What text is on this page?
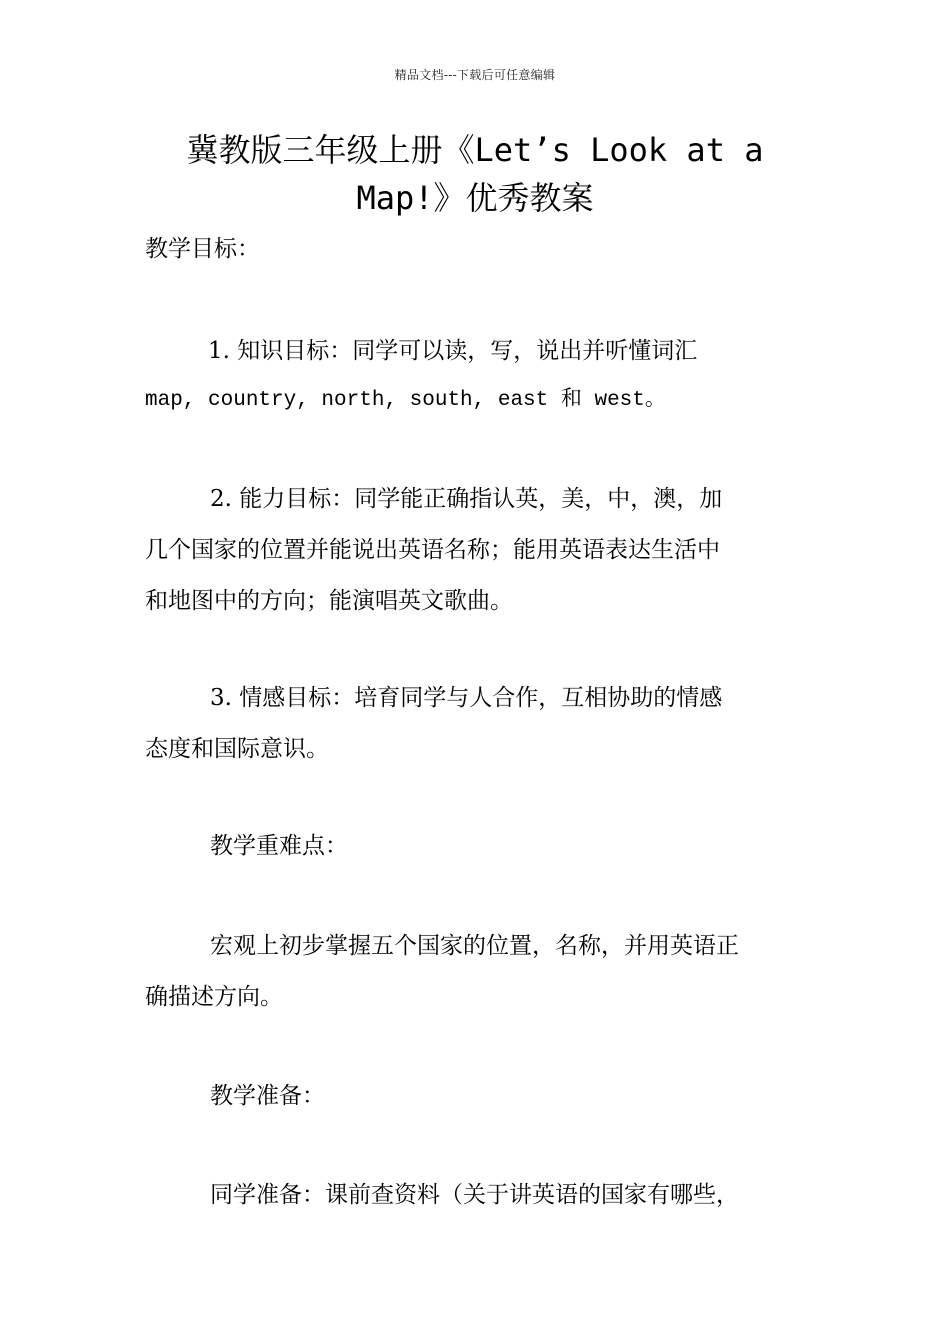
精品文档---下载后可任意编辑
冀教版三年级上册《Let’s Look at a
Map!》优秀教案
教学目标：
1. 知识目标：同学可以读，写，说出并听懂词汇
map, country, north, south, east 和 west。
2. 能力目标：同学能正确指认英，美，中，澳，加
几个国家的位置并能说出英语名称；能用英语表达生活中
和地图中的方向；能演唱英文歌曲。
3. 情感目标：培育同学与人合作，互相协助的情感
态度和国际意识。
教学重难点：
宏观上初步掌握五个国家的位置，名称，并用英语正
确描述方向。
教学准备：
同学准备：课前查资料（关于讲英语的国家有哪些，
